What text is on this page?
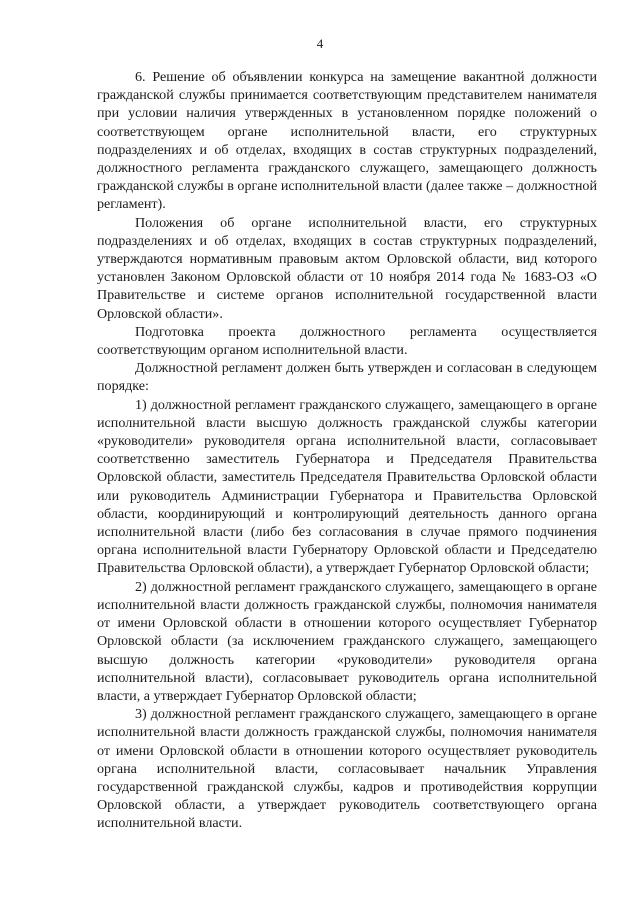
4

6. Решение об объявлении конкурса на замещение вакантной должности гражданской службы принимается соответствующим представителем нанимателя при условии наличия утвержденных в установленном порядке положений о соответствующем органе исполнительной власти, его структурных подразделениях и об отделах, входящих в состав структурных подразделений, должностного регламента гражданского служащего, замещающего должность гражданской службы в органе исполнительной власти (далее также – должностной регламент).

Положения об органе исполнительной власти, его структурных подразделениях и об отделах, входящих в состав структурных подразделений, утверждаются нормативным правовым актом Орловской области, вид которого установлен Законом Орловской области от 10 ноября 2014 года № 1683-ОЗ «О Правительстве и системе органов исполнительной государственной власти Орловской области».

Подготовка проекта должностного регламента осуществляется соответствующим органом исполнительной власти.

Должностной регламент должен быть утвержден и согласован в следующем порядке:

1) должностной регламент гражданского служащего, замещающего в органе исполнительной власти высшую должность гражданской службы категории «руководители» руководителя органа исполнительной власти, согласовывает соответственно заместитель Губернатора и Председателя Правительства Орловской области, заместитель Председателя Правительства Орловской области или руководитель Администрации Губернатора и Правительства Орловской области, координирующий и контролирующий деятельность данного органа исполнительной власти (либо без согласования в случае прямого подчинения органа исполнительной власти Губернатору Орловской области и Председателю Правительства Орловской области), а утверждает Губернатор Орловской области;

2) должностной регламент гражданского служащего, замещающего в органе исполнительной власти должность гражданской службы, полномочия нанимателя от имени Орловской области в отношении которого осуществляет Губернатор Орловской области (за исключением гражданского служащего, замещающего высшую должность категории «руководители» руководителя органа исполнительной власти), согласовывает руководитель органа исполнительной власти, а утверждает Губернатор Орловской области;

3) должностной регламент гражданского служащего, замещающего в органе исполнительной власти должность гражданской службы, полномочия нанимателя от имени Орловской области в отношении которого осуществляет руководитель органа исполнительной власти, согласовывает начальник Управления государственной гражданской службы, кадров и противодействия коррупции Орловской области, а утверждает руководитель соответствующего органа исполнительной власти.
